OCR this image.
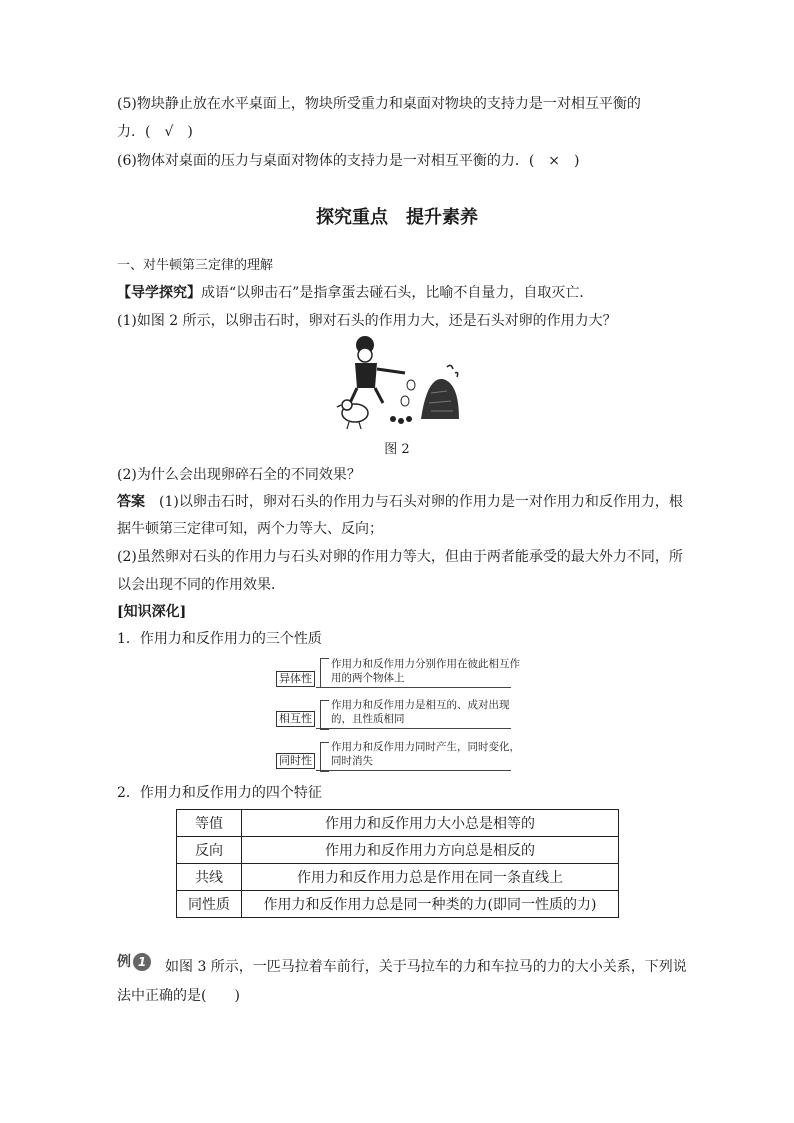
(5)物块静止放在水平桌面上，物块所受重力和桌面对物块的支持力是一对相互平衡的
力．(　√　)
(6)物体对桌面的压力与桌面对物体的支持力是一对相互平衡的力．(　×　)
探究重点　提升素养
一、对牛顿第三定律的理解
【导学探究】成语“以卵击石”是指拿蛋去碰石头，比喻不自量力，自取灭亡．
(1)如图 2 所示，以卵击石时，卵对石头的作用力大，还是石头对卵的作用力大？
图 2
(2)为什么会出现卵碎石全的不同效果？
答案  (1)以卵击石时，卵对石头的作用力与石头对卵的作用力是一对作用力和反作用力，根
据牛顿第三定律可知，两个力等大、反向；
(2)虽然卵对石头的作用力与石头对卵的作用力等大，但由于两者能承受的最大外力不同，所
以会出现不同的作用效果．
[知识深化]
1．作用力和反作用力的三个性质
异体性
作用力和反作用力分别作用在彼此相互作用的两个物体上
相互性
作用力和反作用力是相互的、成对出现的，且性质相同
同时性
作用力和反作用力同时产生，同时变化，同时消失
2．作用力和反作用力的四个特征
等值	作用力和反作用力大小总是相等的
反向	作用力和反作用力方向总是相反的
共线	作用力和反作用力总是作用在同一条直线上
同性质	作用力和反作用力总是同一种类的力(即同一性质的力)
例 1	如图 3 所示，一匹马拉着车前行，关于马拉车的力和车拉马的力的大小关系，下列说
法中正确的是(　　)
